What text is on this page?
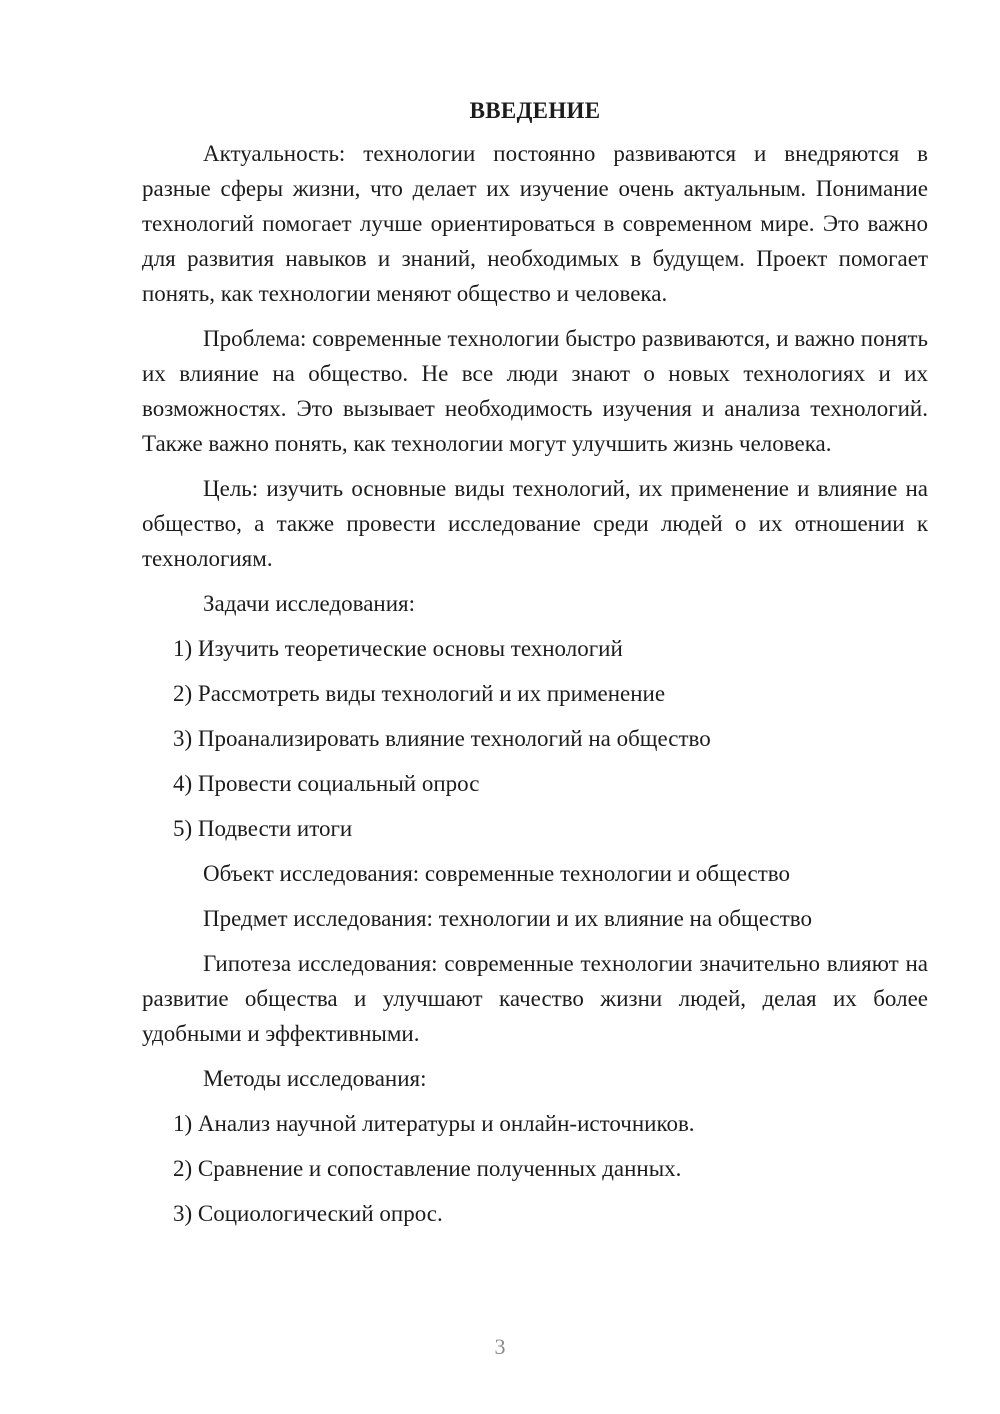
ВВЕДЕНИЕ

Актуальность: технологии постоянно развиваются и внедряются в разные сферы жизни, что делает их изучение очень актуальным. Понимание технологий помогает лучше ориентироваться в современном мире. Это важно для развития навыков и знаний, необходимых в будущем. Проект помогает понять, как технологии меняют общество и человека.

Проблема: современные технологии быстро развиваются, и важно понять их влияние на общество. Не все люди знают о новых технологиях и их возможностях. Это вызывает необходимость изучения и анализа технологий. Также важно понять, как технологии могут улучшить жизнь человека.

Цель: изучить основные виды технологий, их применение и влияние на общество, а также провести исследование среди людей о их отношении к технологиям.

Задачи исследования:

1) Изучить теоретические основы технологий
2) Рассмотреть виды технологий и их применение
3) Проанализировать влияние технологий на общество
4) Провести социальный опрос
5) Подвести итоги

Объект исследования: современные технологии и общество

Предмет исследования: технологии и их влияние на общество

Гипотеза исследования: современные технологии значительно влияют на развитие общества и улучшают качество жизни людей, делая их более удобными и эффективными.

Методы исследования:

1) Анализ научной литературы и онлайн-источников.
2) Сравнение и сопоставление полученных данных.
3) Социологический опрос.
3
